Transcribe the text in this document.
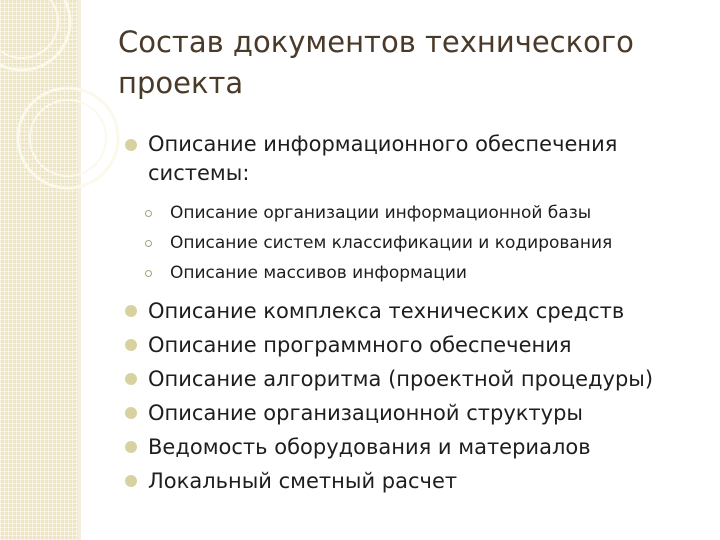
Состав документов технического проекта
Описание информационного обеспечения системы:
Описание организации информационной базы
Описание систем классификации и кодирования
Описание массивов информации
Описание комплекса технических средств
Описание программного обеспечения
Описание алгоритма (проектной процедуры)
Описание организационной структуры
Ведомость оборудования и материалов
Локальный сметный расчет
